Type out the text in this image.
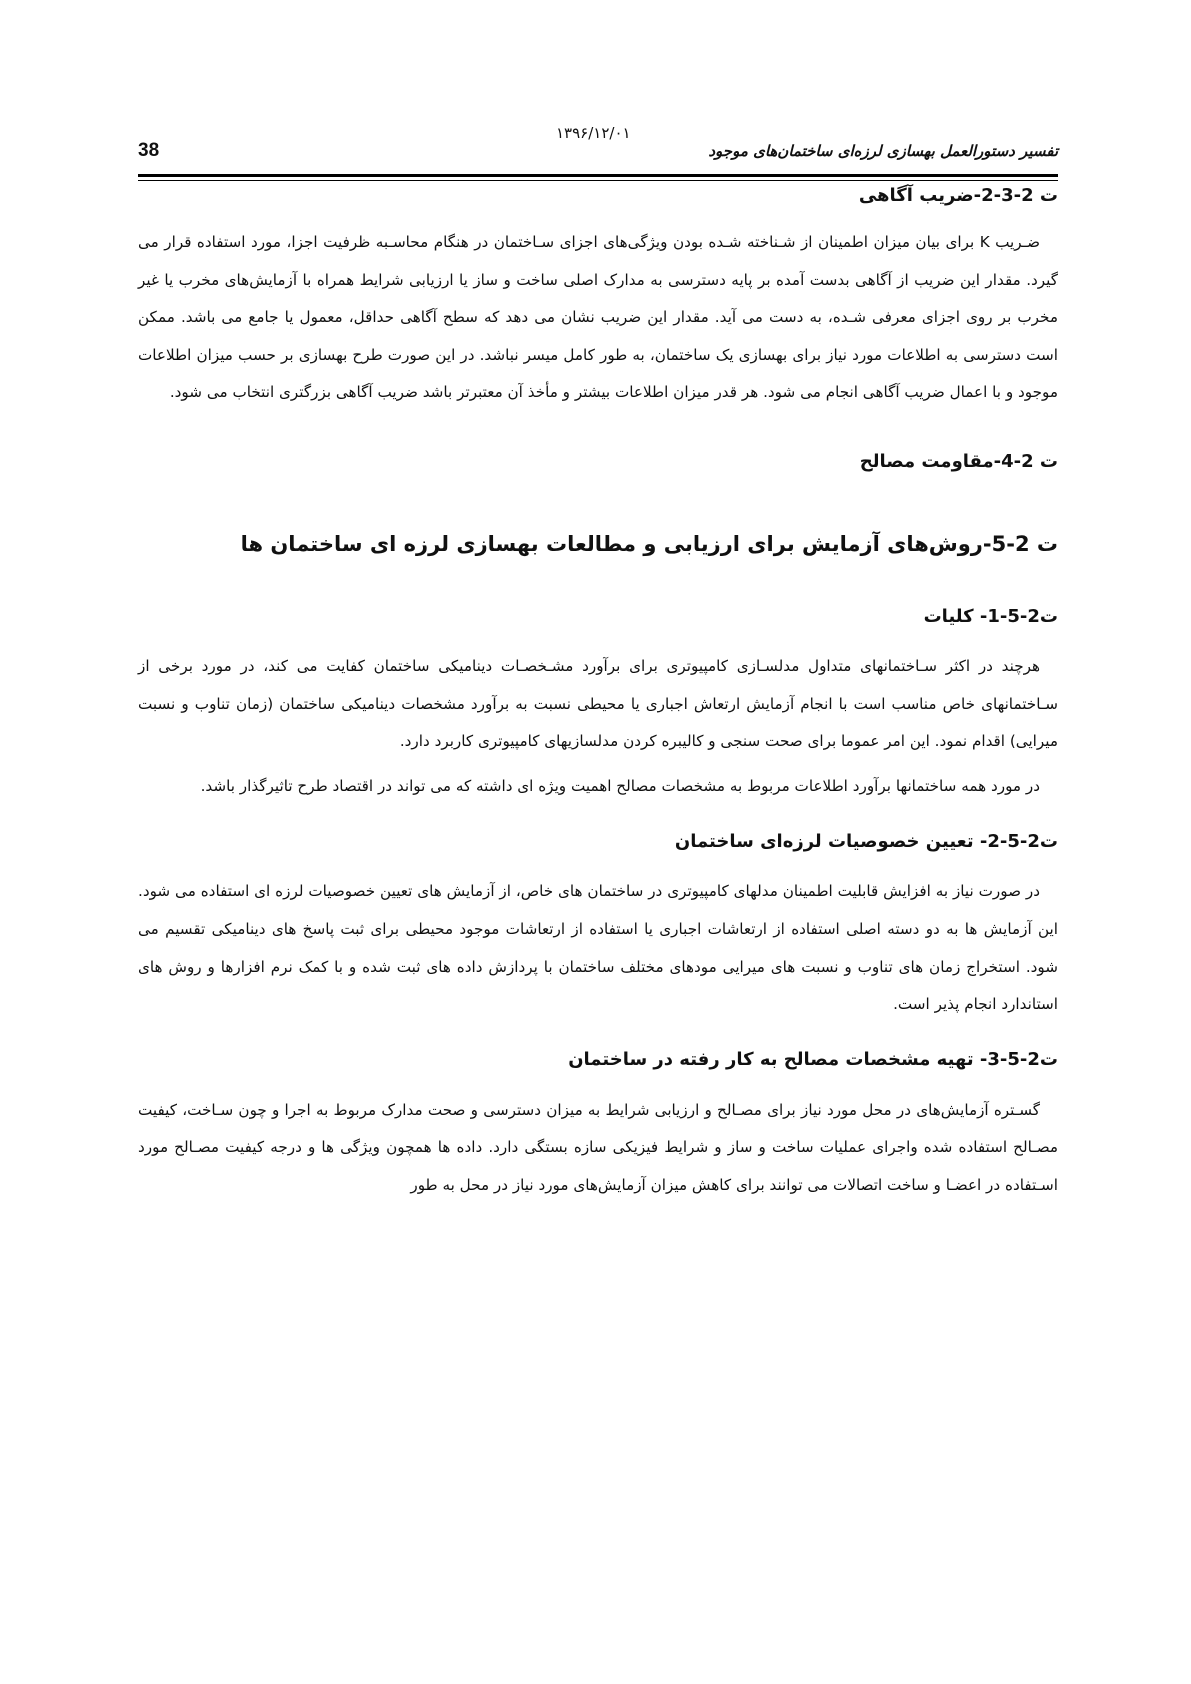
38
۱۳۹۶/۱۲/۰۱
تفسیر دستورالعمل بهسازی لرزه‌ای ساختمان‌های موجود
ت 2-3-2-ضریب آگاهی

ضـریب K برای بیان میزان اطمینان از شـناخته شـده بودن ویژگی‌های اجزای سـاختمان در هنگام محاسـبه ظرفیت اجزا، مورد استفاده قرار می گیرد. مقدار این ضریب از آگاهی بدست آمده بر پایه دسترسی به مدارک اصلی ساخت و ساز یا ارزیابی شرایط همراه با آزمایش‌های مخرب یا غیر مخرب بر روی اجزای معرفی شـده، به دست می آید. مقدار این ضریب نشان می دهد که سطح آگاهی حداقل، معمول یا جامع می باشد. ممکن است دسترسی به اطلاعات مورد نیاز برای بهسازی یک ساختمان، به طور کامل میسر نباشد. در این صورت طرح بهسازی بر حسب میزان اطلاعات موجود و با اعمال ضریب آگاهی انجام می شود. هر قدر میزان اطلاعات بیشتر و مأخذ آن معتبرتر باشد ضریب آگاهی بزرگتری انتخاب می شود.

ت 2-4-مقاومت مصالح
ت 2-5-روش‌های آزمایش برای ارزیابی و مطالعات بهسازی لرزه ای ساختمان ها
ت2-5-1- کلیات

هرچند در اکثر سـاختمانهای متداول مدلسـازی کامپیوتری برای برآورد مشـخصـات دینامیکی ساختمان کفایت می کند، در مورد برخی از سـاختمانهای خاص مناسب است با انجام آزمایش ارتعاش اجباری یا محیطی نسبت به برآورد مشخصات دینامیکی ساختمان (زمان تناوب و نسبت میرایی) اقدام نمود. این امر عموما برای صحت سنجی و کالیبره کردن مدلسازیهای کامپیوتری کاربرد دارد.

در مورد همه ساختمانها برآورد اطلاعات مربوط به مشخصات مصالح اهمیت ویژه ای داشته که می تواند در اقتصاد طرح تاثیرگذار باشد.

ت2-5-2- تعیین خصوصیات لرزه‌ای ساختمان

در صورت نیاز به افزایش قابلیت اطمینان مدلهای کامپیوتری در ساختمان های خاص، از آزمایش های تعیین خصوصیات لرزه ای استفاده می شود. این آزمایش ها به دو دسته اصلی استفاده از ارتعاشات اجباری یا استفاده از ارتعاشات موجود محیطی برای ثبت پاسخ های دینامیکی تقسیم می شود. استخراج زمان های تناوب و نسبت های میرایی مودهای مختلف ساختمان با پردازش داده های ثبت شده و با کمک نرم افزارها و روش های استاندارد انجام پذیر است.

ت2-5-3- تهیه مشخصات مصالح به کار رفته در ساختمان

گسـتره آزمایش‌های در محل مورد نیاز برای مصـالح و ارزیابی شرایط به میزان دسترسی و صحت مدارک مربوط به اجرا و چون سـاخت، کیفیت مصـالح استفاده شده واجرای عملیات ساخت و ساز و شرایط فیزیکی سازه بستگی دارد. داده ها همچون ویژگی ها و درجه کیفیت مصـالح مورد اسـتفاده در اعضـا و ساخت اتصالات می توانند برای کاهش میزان آزمایش‌های مورد نیاز در محل به طور
